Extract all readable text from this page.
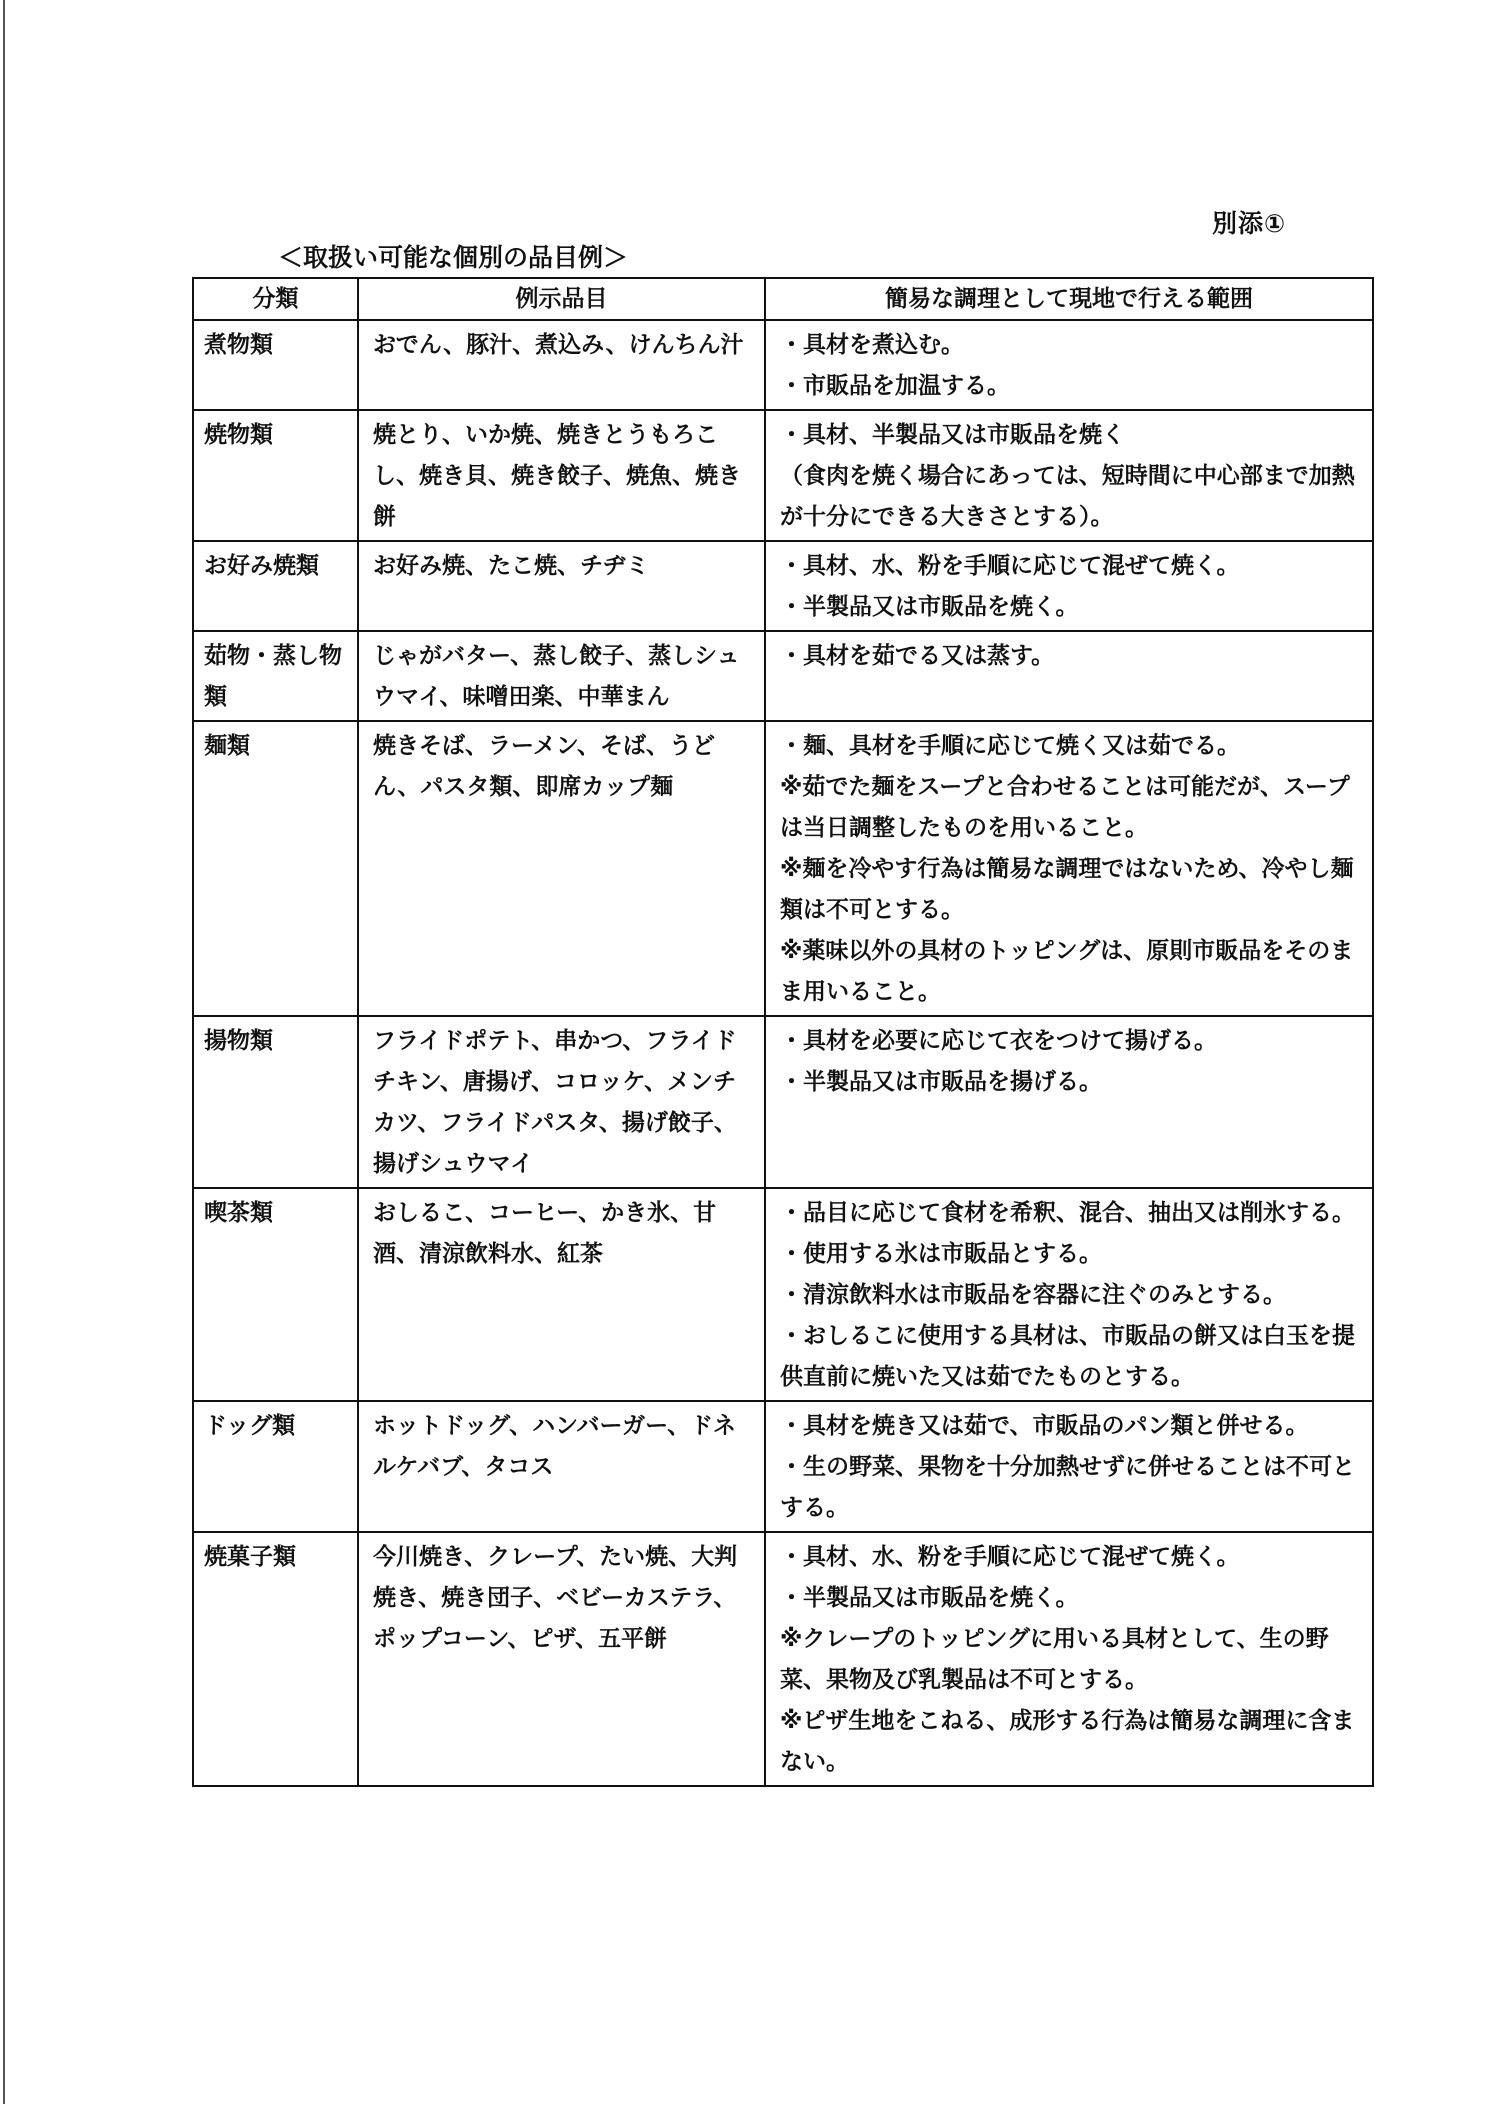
別添①
＜取扱い可能な個別の品目例＞
分類	例示品目	簡易な調理として現地で行える範囲
煮物類	おでん、豚汁、煮込み、けんちん汁	・具材を煮込む。
・市販品を加温する。

焼物類	焼とり、いか焼、焼きとうもろこし、焼き貝、焼き餃子、焼魚、焼き餅	・具材、半製品又は市販品を焼く
（食肉を焼く場合にあっては、短時間に中心部まで加熱が十分にできる大きさとする）。

お好み焼類	お好み焼、たこ焼、チヂミ	・具材、水、粉を手順に応じて混ぜて焼く。
・半製品又は市販品を焼く。

茹物・蒸し物類	じゃがバター、蒸し餃子、蒸しシュウマイ、味噌田楽、中華まん	・具材を茹でる又は蒸す。

麺類	焼きそば、ラーメン、そば、うどん、パスタ類、即席カップ麺	・麺、具材を手順に応じて焼く又は茹でる。
※茹でた麺をスープと合わせることは可能だが、スープは当日調整したものを用いること。
※麺を冷やす行為は簡易な調理ではないため、冷やし麺類は不可とする。
※薬味以外の具材のトッピングは、原則市販品をそのまま用いること。

揚物類	フライドポテト、串かつ、フライドチキン、唐揚げ、コロッケ、メンチカツ、フライドパスタ、揚げ餃子、揚げシュウマイ	・具材を必要に応じて衣をつけて揚げる。
・半製品又は市販品を揚げる。

喫茶類	おしるこ、コーヒー、かき氷、甘酒、清涼飲料水、紅茶	・品目に応じて食材を希釈、混合、抽出又は削氷する。
・使用する氷は市販品とする。
・清涼飲料水は市販品を容器に注ぐのみとする。
・おしるこに使用する具材は、市販品の餅又は白玉を提供直前に焼いた又は茹でたものとする。

ドッグ類	ホットドッグ、ハンバーガー、ドネルケバブ、タコス	・具材を焼き又は茹で、市販品のパン類と併せる。
・生の野菜、果物を十分加熱せずに併せることは不可とする。

焼菓子類	今川焼き、クレープ、たい焼、大判焼き、焼き団子、ベビーカステラ、ポップコーン、ピザ、五平餅	・具材、水、粉を手順に応じて混ぜて焼く。
・半製品又は市販品を焼く。
※クレープのトッピングに用いる具材として、生の野菜、果物及び乳製品は不可とする。
※ピザ生地をこねる、成形する行為は簡易な調理に含まない。
